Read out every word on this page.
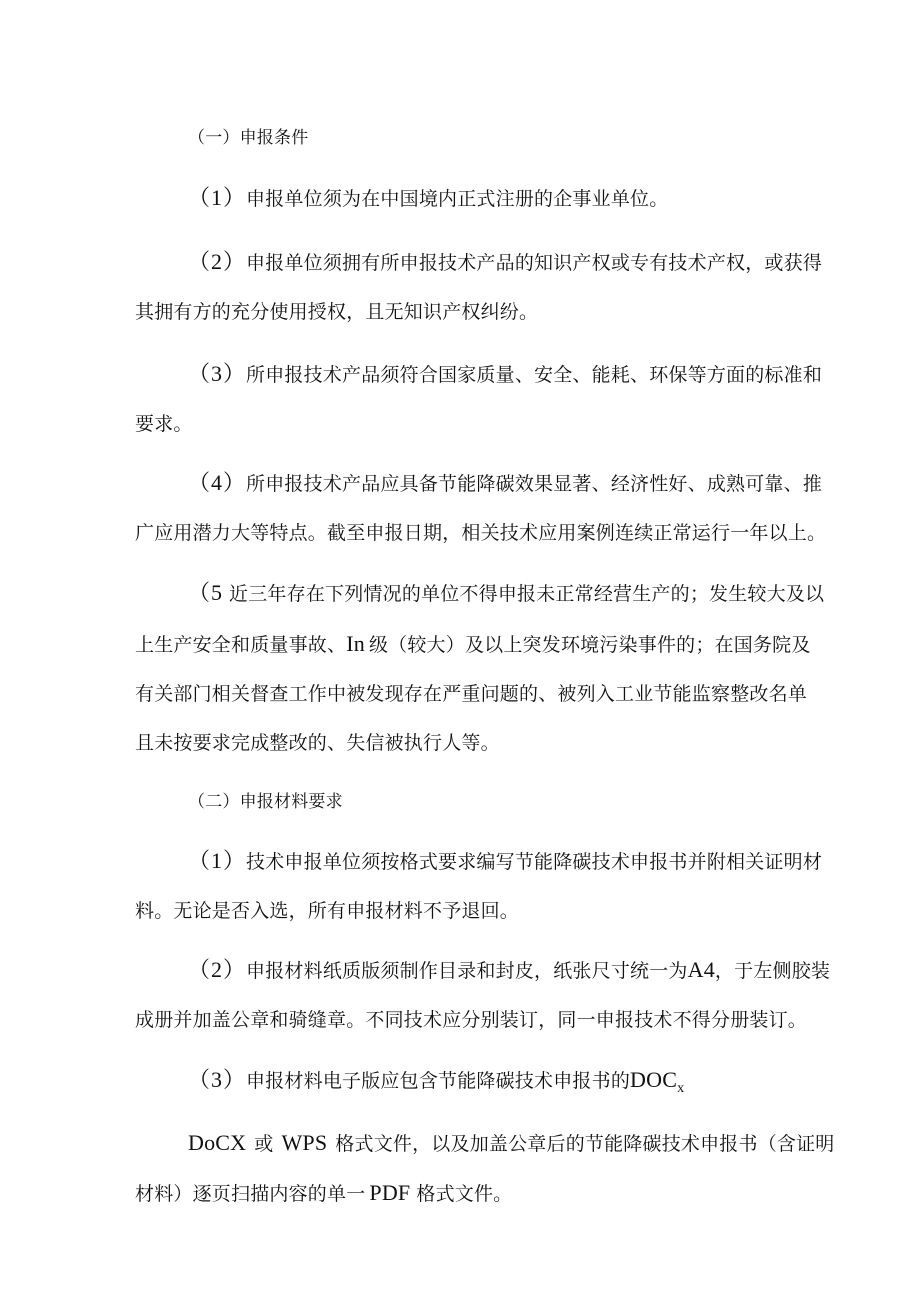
（一）申报条件
（1）申报单位须为在中国境内正式注册的企事业单位。
（2）申报单位须拥有所申报技术产品的知识产权或专有技术产权，或获得
其拥有方的充分使用授权，且无知识产权纠纷。
（3）所申报技术产品须符合国家质量、安全、能耗、环保等方面的标准和
要求。
（4）所申报技术产品应具备节能降碳效果显著、经济性好、成熟可靠、推
广应用潜力大等特点。截至申报日期，相关技术应用案例连续正常运行一年以上。
（5 近三年存在下列情况的单位不得申报未正常经营生产的；发生较大及以
上生产安全和质量事故、In 级（较大）及以上突发环境污染事件的；在国务院及
有关部门相关督查工作中被发现存在严重问题的、被列入工业节能监察整改名单
且未按要求完成整改的、失信被执行人等。
（二）申报材料要求
（1）技术申报单位须按格式要求编写节能降碳技术申报书并附相关证明材
料。无论是否入选，所有申报材料不予退回。
（2）申报材料纸质版须制作目录和封皮，纸张尺寸统一为A4，于左侧胶装
成册并加盖公章和骑缝章。不同技术应分别装订，同一申报技术不得分册装订。
（3）申报材料电子版应包含节能降碳技术申报书的$DOC_x$
DoCX 或 WPS 格式文件，以及加盖公章后的节能降碳技术申报书（含证明
材料）逐页扫描内容的单一 PDF 格式文件。
